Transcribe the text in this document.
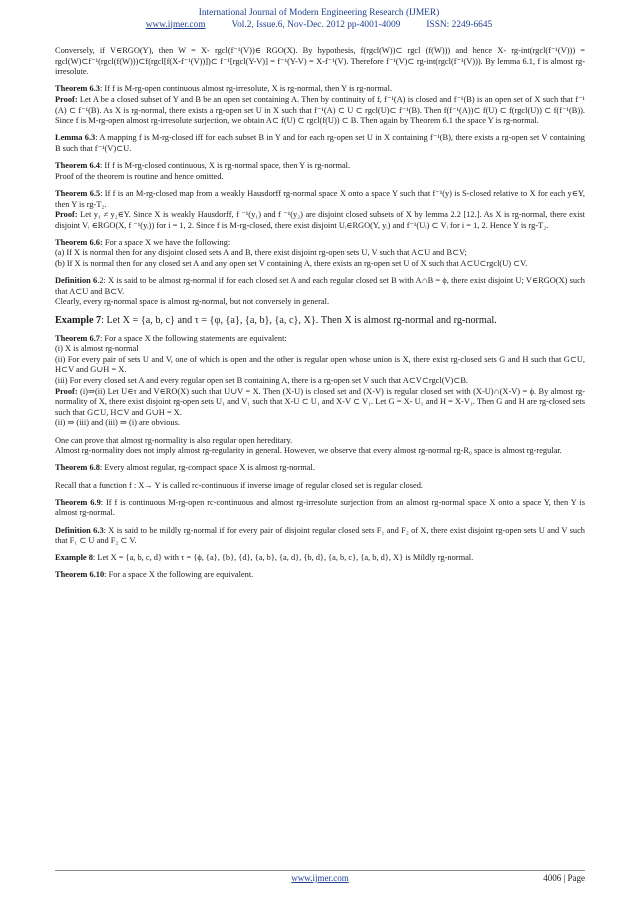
International Journal of Modern Engineering Research (IJMER)
www.ijmer.com	Vol.2, Issue.6, Nov-Dec. 2012 pp-4001-4009	ISSN: 2249-6645

Conversely, if V∈RGO(Y), then W = X- rgcl(f⁻¹(V))∈ RGO(X). By hypothesis, f(rgcl(W))⊂ rgcl (f(W))) and hence X- rg-int(rgcl(f⁻¹(V))) = rgcl(W)⊂f⁻¹(rgcl(f(W)))⊂f(rgcl[f(X-f⁻¹(V))])⊂ f⁻¹[rgcl(Y-V)] = f⁻¹(Y-V) = X-f⁻¹(V). Therefore f⁻¹(V)⊂ rg-int(rgcl(f⁻¹(V))). By lemma 6.1, f is almost rg-irresolute.

Theorem 6.3: If f is M-rg-open continuous almost rg-irresolute, X is rg-normal, then Y is rg-normal.

Proof: Let A be a closed subset of Y and B be an open set containing A. Then by continuity of f, f⁻¹(A) is closed and f⁻¹(B) is an open set of X such that f⁻¹ (A) ⊂ f⁻¹(B). As X is rg-normal, there exists a rg-open set U in X such that f⁻¹(A) ⊂ U ⊂ rgcl(U)⊂ f⁻¹(B). Then f(f⁻¹(A))⊂ f(U) ⊂ f(rgcl(U)) ⊂ f(f⁻¹(B)). Since f is M-rg-open almost rg-irresolute surjection, we obtain A⊂ f(U) ⊂ rgcl(f(U)) ⊂ B. Then again by Theorem 6.1 the space Y is rg-normal.

Lemma 6.3: A mapping f is M-rg-closed iff for each subset B in Y and for each rg-open set U in X containing f⁻¹(B), there exists a rg-open set V containing B such that f⁻¹(V)⊂U.

Theorem 6.4: If f is M-rg-closed continuous, X is rg-normal space, then Y is rg-normal.
Proof of the theorem is routine and hence omitted.

Theorem 6.5: If f is an M-rg-closed map from a weakly Hausdorff rg-normal space X onto a space Y such that f⁻¹(y) is S-closed relative to X for each y∈Y, then Y is rg-T₂.

Proof: Let y₁ ≠ y₂∈Y. Since X is weakly Hausdorff, f ⁻¹(y₁) and f ⁻¹(y₂) are disjoint closed subsets of X by lemma 2.2 [12.]. As X is rg-normal, there exist disjoint Vᵢ ∈RGO(X, f ⁻¹(yᵢ)) for i = 1, 2. Since f is M-rg-closed, there exist disjoint Uᵢ∈RGO(Y, yᵢ) and f⁻¹(Uᵢ) ⊂ Vᵢ for i = 1, 2. Hence Y is rg-T₂.

Theorem 6.6: For a space X we have the following:
(a) If X is normal then for any disjoint closed sets A and B, there exist disjoint rg-open sets U, V such that A⊂U and B⊂V;
(b) If X is normal then for any closed set A and any open set V containing A, there exists an rg-open set U of X such that A⊂U⊂rgcl(U) ⊂V.

Definition 6.2: X is said to be almost rg-normal if for each closed set A and each regular closed set B with A∩B = ϕ, there exist disjoint U; V∈RGO(X) such that A⊂U and B⊂V.
Clearly, every rg-normal space is almost rg-normal, but not conversely in general.

Example 7: Let X = {a, b, c} and τ = {φ, {a}, {a, b}, {a, c}, X}. Then X is almost rg-normal and rg-normal.

Theorem 6.7: For a space X the following statements are equivalent:
(i) X is almost rg-normal
(ii) For every pair of sets U and V, one of which is open and the other is regular open whose union is X, there exist rg-closed sets G and H such that G⊂U, H⊂V and G∪H = X.
(iii) For every closed set A and every regular open set B containing A, there is a rg-open set V such that A⊂V⊂rgcl(V)⊂B.

Proof: (i)⇒(ii) Let U∈τ and V∈RO(X) such that U∪V = X. Then (X-U) is closed set and (X-V) is regular closed set with (X-U)∩(X-V) = ϕ. By almost rg-normality of X, there exist disjoint rg-open sets U₁ and V₁ such that X-U ⊂ U₁ and X-V ⊂ V₁. Let G = X- U₁ and H = X-V₁. Then G and H are rg-closed sets such that G⊂U, H⊂V and G∪H = X.
(ii) ⇒ (iii) and (iii) ⇒ (i) are obvious.

One can prove that almost rg-normality is also regular open hereditary.
Almost rg-normality does not imply almost rg-regularity in general. However, we observe that every almost rg-normal rg-R₀ space is almost rg-regular.

Theorem 6.8: Every almost regular, rg-compact space X is almost rg-normal.

Recall that a function f : X→ Y is called rc-continuous if inverse image of regular closed set is regular closed.

Theorem 6.9: If f is continuous M-rg-open rc-continuous and almost rg-irresolute surjection from an almost rg-normal space X onto a space Y, then Y is almost rg-normal.

Definition 6.3: X is said to be mildly rg-normal if for every pair of disjoint regular closed sets F₁ and F₂ of X, there exist disjoint rg-open sets U and V such that F₁ ⊂ U and F₂ ⊂ V.

Example 8: Let X = {a, b, c, d} with τ = {ϕ, {a}, {b}, {d}, {a, b}, {a, d}, {b, d}, {a, b, c}, {a, b, d}, X} is Mildly rg-normal.

Theorem 6.10: For a space X the following are equivalent.

www.ijmer.com	4006 | Page
